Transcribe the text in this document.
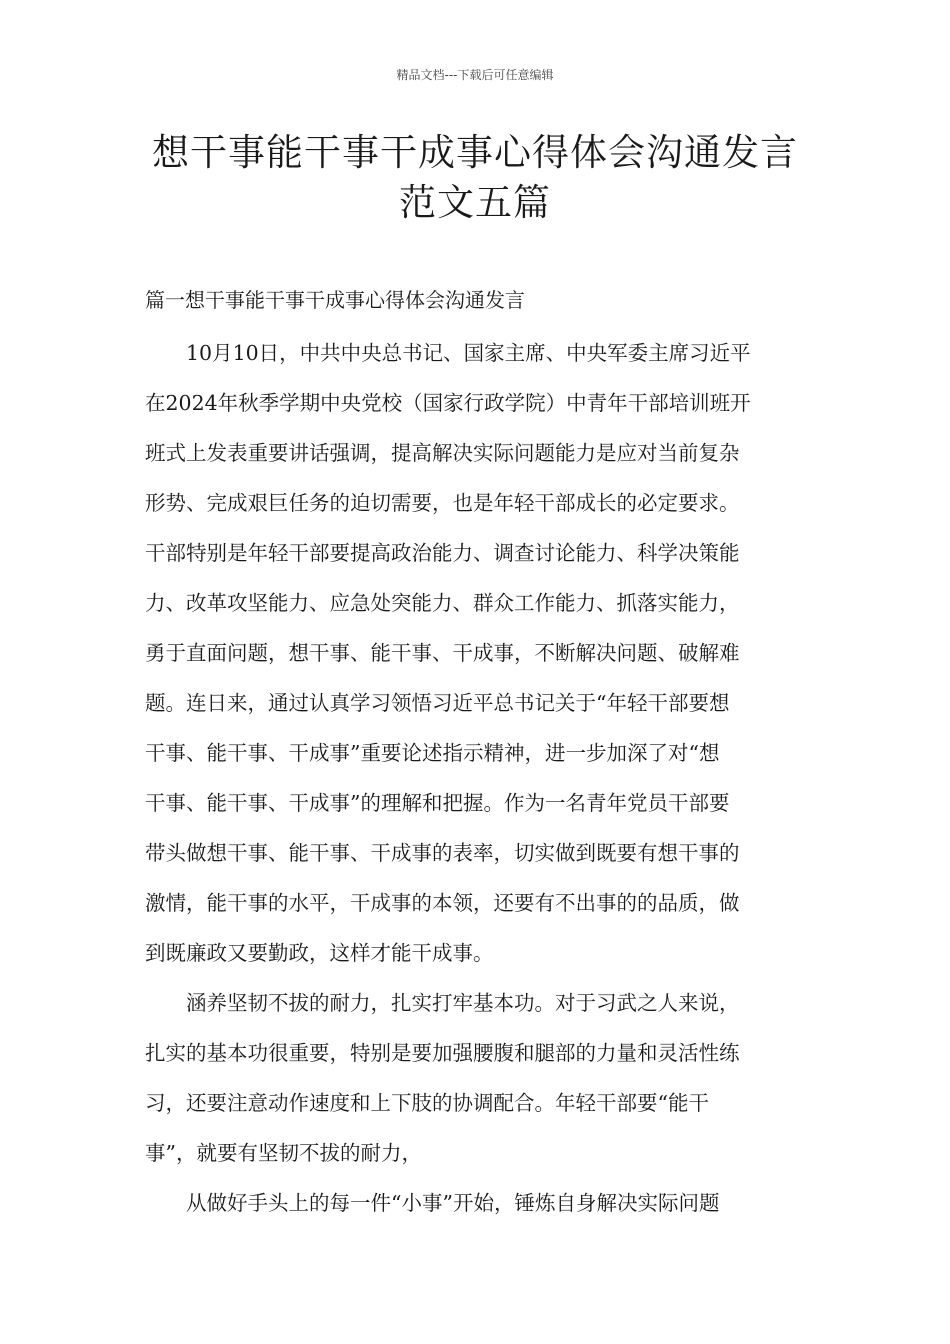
精品文档---下载后可任意编辑
想干事能干事干成事心得体会沟通发言
范文五篇

篇一想干事能干事干成事心得体会沟通发言

　　10月10日，中共中央总书记、国家主席、中央军委主席习近平
在2024年秋季学期中央党校（国家行政学院）中青年干部培训班开
班式上发表重要讲话强调，提高解决实际问题能力是应对当前复杂
形势、完成艰巨任务的迫切需要，也是年轻干部成长的必定要求。
干部特别是年轻干部要提高政治能力、调查讨论能力、科学决策能
力、改革攻坚能力、应急处突能力、群众工作能力、抓落实能力，
勇于直面问题，想干事、能干事、干成事，不断解决问题、破解难
题。连日来，通过认真学习领悟习近平总书记关于“年轻干部要想
干事、能干事、干成事”重要论述指示精神，进一步加深了对“想
干事、能干事、干成事”的理解和把握。作为一名青年党员干部要
带头做想干事、能干事、干成事的表率，切实做到既要有想干事的
激情，能干事的水平，干成事的本领，还要有不出事的的品质，做
到既廉政又要勤政，这样才能干成事。
　　涵养坚韧不拔的耐力，扎实打牢基本功。对于习武之人来说，
扎实的基本功很重要，特别是要加强腰腹和腿部的力量和灵活性练
习，还要注意动作速度和上下肢的协调配合。年轻干部要“能干
事”，就要有坚韧不拔的耐力，
　　从做好手头上的每一件“小事”开始，锤炼自身解决实际问题
